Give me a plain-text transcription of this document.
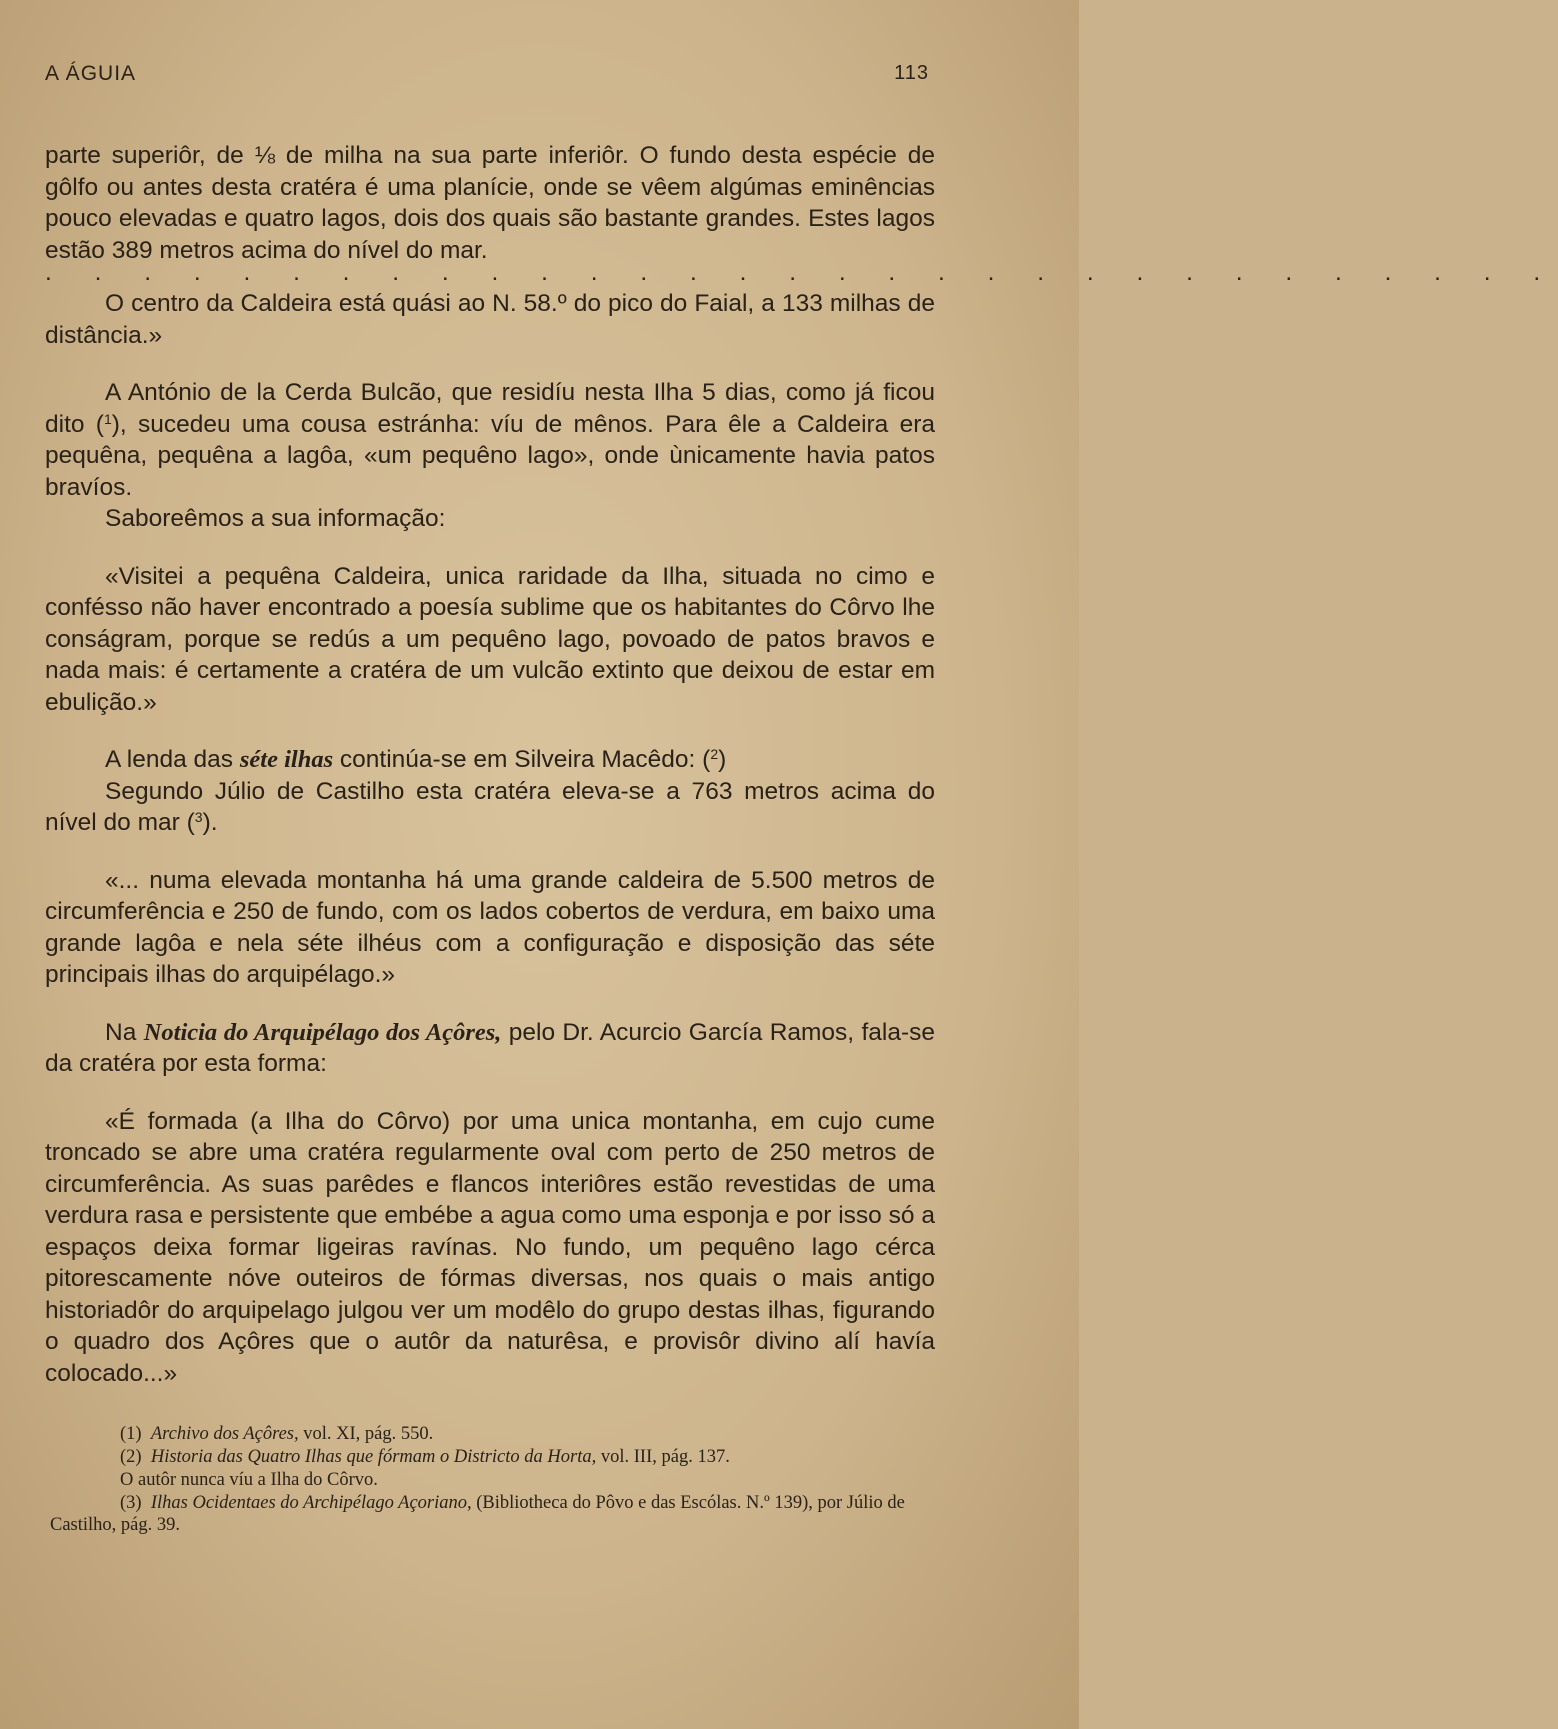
A ÁGUIA	113

parte superiôr, de ⅛ de milha na sua parte inferiôr. O fundo desta espécie de gôlfo ou antes desta cratéra é uma planície, onde se vêem algúmas eminências pouco elevadas e quatro lagos, dois dos quais são bastante grandes. Estes lagos estão 389 metros acima do nível do mar.

. . . . . . . . . . . . . . . . . . . . . . . . . . . . . . .

O centro da Caldeira está quási ao N. 58.º do pico do Faial, a 133 milhas de distância.»

A António de la Cerda Bulcão, que residíu nesta Ilha 5 dias, como já ficou dito ($^1$), sucedeu uma cousa estránha: víu de mênos. Para êle a Caldeira era pequêna, pequêna a lagôa, «um pequêno lago», onde ùnicamente havia patos bravíos.

Saboreêmos a sua informação:

«Visitei a pequêna Caldeira, unica raridade da Ilha, situada no cimo e confésso não haver encontrado a poesía sublime que os habitantes do Côrvo lhe conságram, porque se redús a um pequêno lago, povoado de patos bravos e nada mais: é certamente a cratéra de um vulcão extinto que deixou de estar em ebulição.»

A lenda das séte ilhas continúa-se em Silveira Macêdo: ($^2$)

Segundo Júlio de Castilho esta cratéra eleva-se a 763 metros acima do nível do mar ($^3$).

«... numa elevada montanha há uma grande caldeira de 5.500 metros de circumferência e 250 de fundo, com os lados cobertos de verdura, em baixo uma grande lagôa e nela séte ilhéus com a configuração e disposição das séte principais ilhas do arquipélago.»

Na Noticia do Arquipélago dos Açôres, pelo Dr. Acurcio García Ramos, fala-se da cratéra por esta forma:

«É formada (a Ilha do Côrvo) por uma unica montanha, em cujo cume troncado se abre uma cratéra regularmente oval com perto de 250 metros de circumferência. As suas parêdes e flancos interiôres estão revestidas de uma verdura rasa e persistente que embébe a agua como uma esponja e por isso só a espaços deixa formar ligeiras ravínas. No fundo, um pequêno lago cérca pitorescamente nóve outeiros de fórmas diversas, nos quais o mais antigo historiadôr do arquipelago julgou ver um modêlo do grupo destas ilhas, figurando o quadro dos Açôres que o autôr da naturêsa, e provisôr divino alí havía colocado...»

(1) Archivo dos Açôres, vol. XI, pág. 550.

(2) Historia das Quatro Ilhas que fórmam o Districto da Horta, vol. III, pág. 137.

O autôr nunca víu a Ilha do Côrvo.

(3) Ilhas Ocidentaes do Archipélago Açoriano, (Bibliotheca do Pôvo e das Escólas. N.º 139), por Júlio de Castilho, pág. 39.
